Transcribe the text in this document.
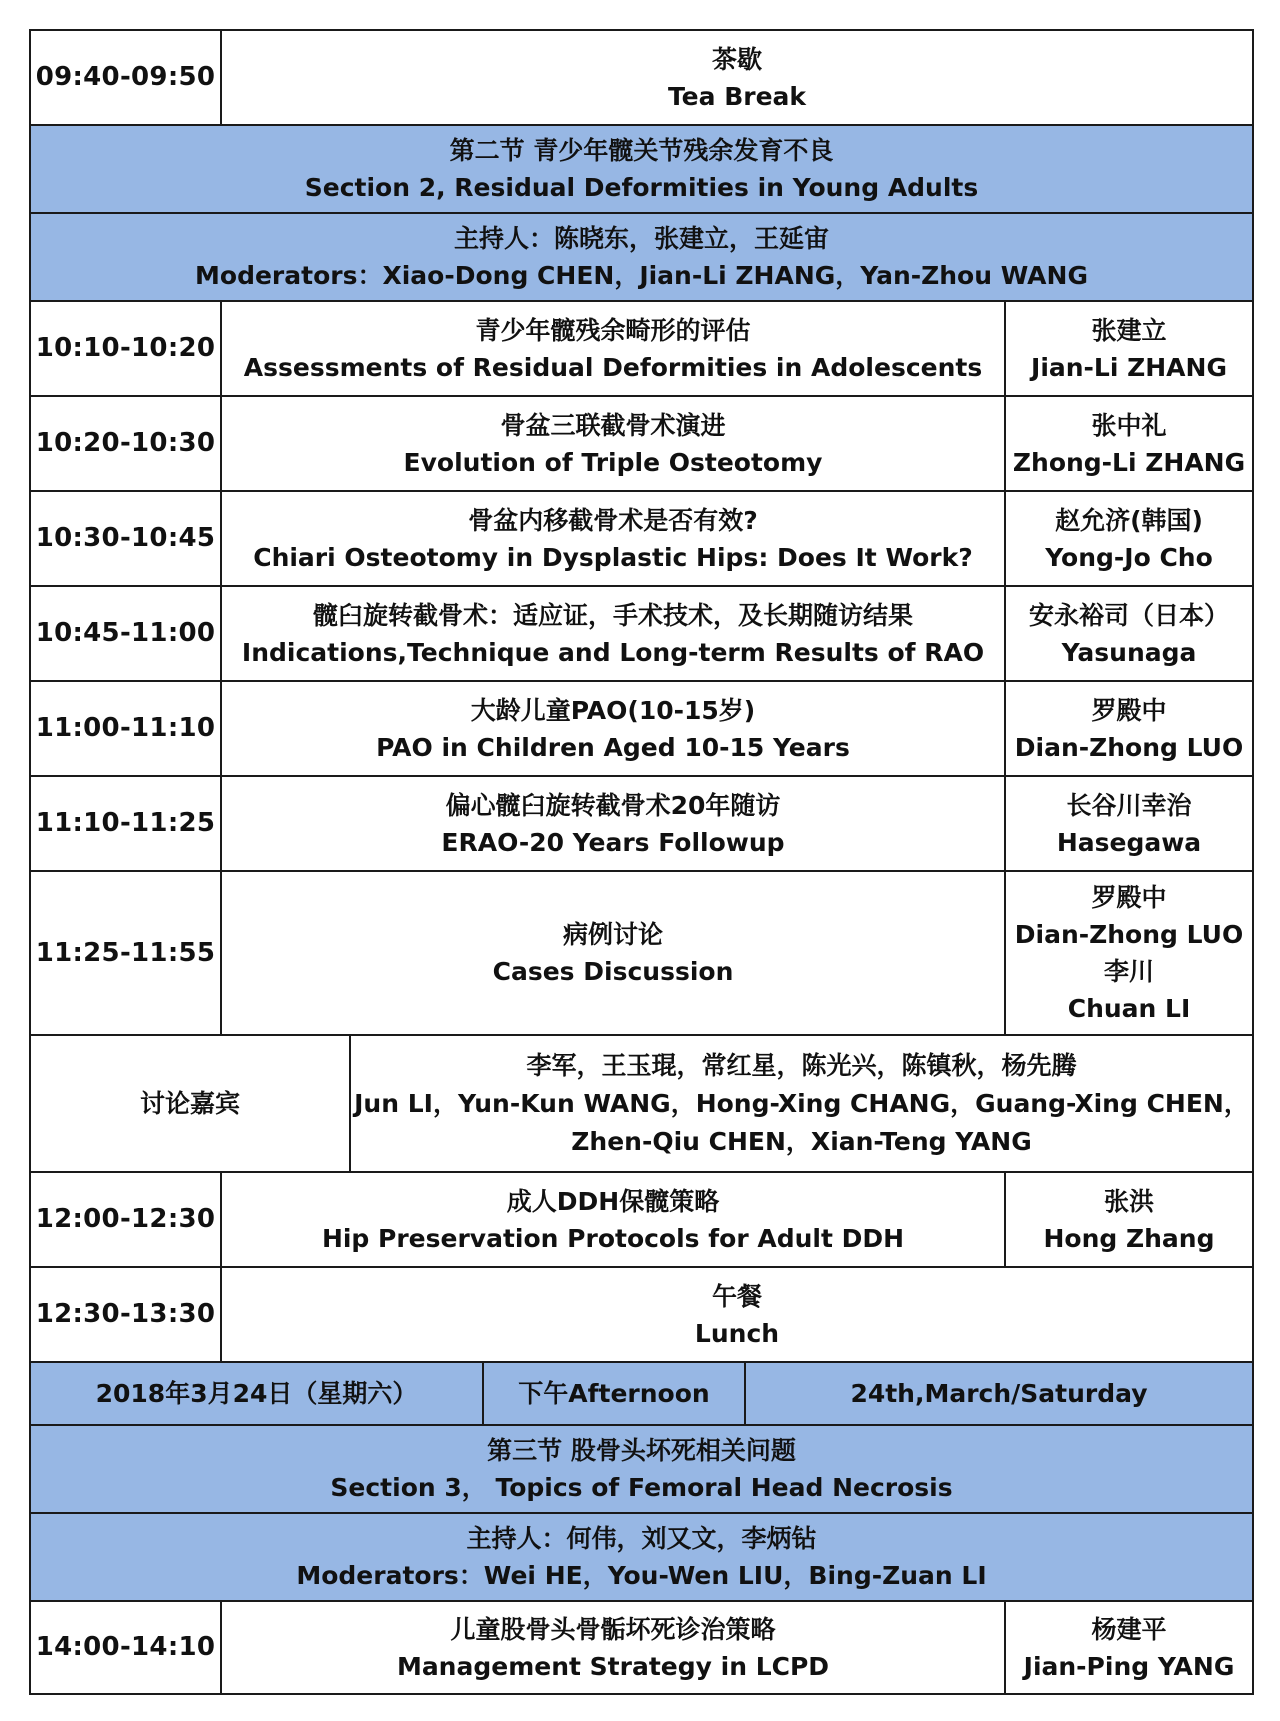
09:40-09:50
茶歇
Tea Break
第二节 青少年髋关节残余发育不良
Section 2, Residual Deformities in Young Adults
主持人：陈晓东，张建立，王延宙
Moderators：Xiao-Dong CHEN，Jian-Li ZHANG，Yan-Zhou WANG
10:10-10:20
青少年髋残余畸形的评估
Assessments of Residual Deformities in Adolescents
张建立
Jian-Li ZHANG
10:20-10:30
骨盆三联截骨术演进
Evolution of Triple Osteotomy
张中礼
Zhong-Li ZHANG
10:30-10:45
骨盆内移截骨术是否有效?
Chiari Osteotomy in Dysplastic Hips: Does It Work?
赵允济(韩国)
Yong-Jo Cho
10:45-11:00
髋臼旋转截骨术：适应证，手术技术，及长期随访结果
Indications,Technique and Long-term Results of RAO
安永裕司（日本）
Yasunaga
11:00-11:10
大龄儿童PAO(10-15岁)
PAO in Children Aged 10-15 Years
罗殿中
Dian-Zhong LUO
11:10-11:25
偏心髋臼旋转截骨术20年随访
ERAO-20 Years Followup
长谷川幸治
Hasegawa
11:25-11:55
病例讨论
Cases Discussion
罗殿中
Dian-Zhong LUO
李川
Chuan LI
讨论嘉宾
李军，王玉琨，常红星，陈光兴，陈镇秋，杨先腾
Jun LI，Yun-Kun WANG，Hong-Xing CHANG，Guang-Xing CHEN，
Zhen-Qiu CHEN，Xian-Teng YANG
12:00-12:30
成人DDH保髋策略
Hip Preservation Protocols for Adult DDH
张洪
Hong Zhang
12:30-13:30
午餐
Lunch
2018年3月24日（星期六）	下午Afternoon	24th,March/Saturday
第三节 股骨头坏死相关问题
Section 3， Topics of Femoral Head Necrosis
主持人：何伟，刘又文，李炳钻
Moderators：Wei HE，You-Wen LIU，Bing-Zuan LI
14:00-14:10
儿童股骨头骨骺坏死诊治策略
Management Strategy in LCPD
杨建平
Jian-Ping YANG
